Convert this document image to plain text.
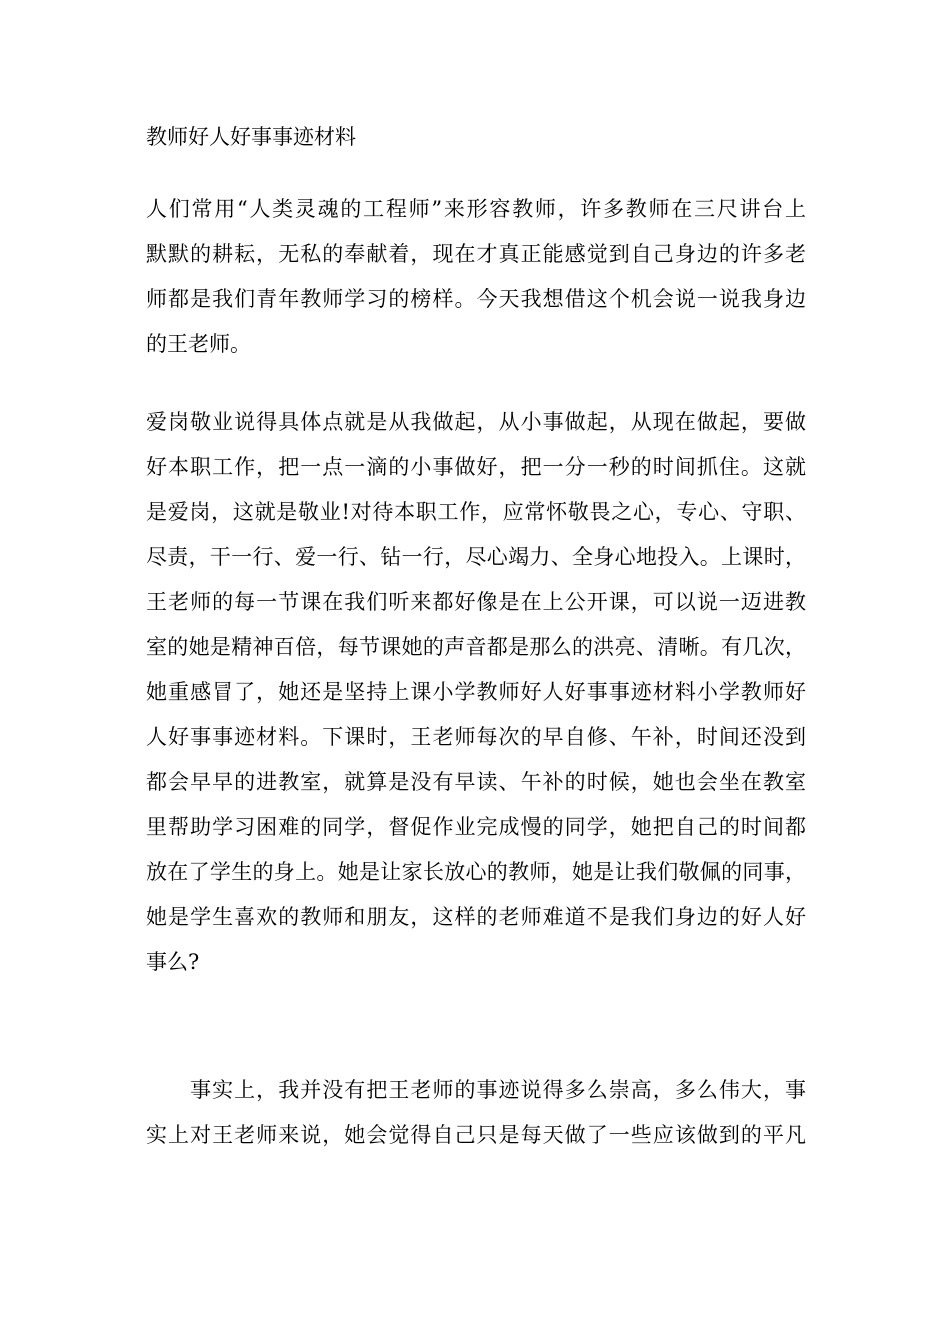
教师好人好事事迹材料
人们常用“人类灵魂的工程师”来形容教师，许多教师在三尺讲台上
默默的耕耘，无私的奉献着，现在才真正能感觉到自己身边的许多老
师都是我们青年教师学习的榜样。今天我想借这个机会说一说我身边
的王老师。
爱岗敬业说得具体点就是从我做起，从小事做起，从现在做起，要做
好本职工作，把一点一滴的小事做好，把一分一秒的时间抓住。这就
是爱岗，这就是敬业!对待本职工作，应常怀敬畏之心，专心、守职、
尽责，干一行、爱一行、钻一行，尽心竭力、全身心地投入。上课时，
王老师的每一节课在我们听来都好像是在上公开课，可以说一迈进教
室的她是精神百倍，每节课她的声音都是那么的洪亮、清晰。有几次，
她重感冒了，她还是坚持上课小学教师好人好事事迹材料小学教师好
人好事事迹材料。下课时，王老师每次的早自修、午补，时间还没到
都会早早的进教室，就算是没有早读、午补的时候，她也会坐在教室
里帮助学习困难的同学，督促作业完成慢的同学，她把自己的时间都
放在了学生的身上。她是让家长放心的教师，她是让我们敬佩的同事，
她是学生喜欢的教师和朋友，这样的老师难道不是我们身边的好人好
事么?
　　事实上，我并没有把王老师的事迹说得多么崇高，多么伟大，事
实上对王老师来说，她会觉得自己只是每天做了一些应该做到的平凡
